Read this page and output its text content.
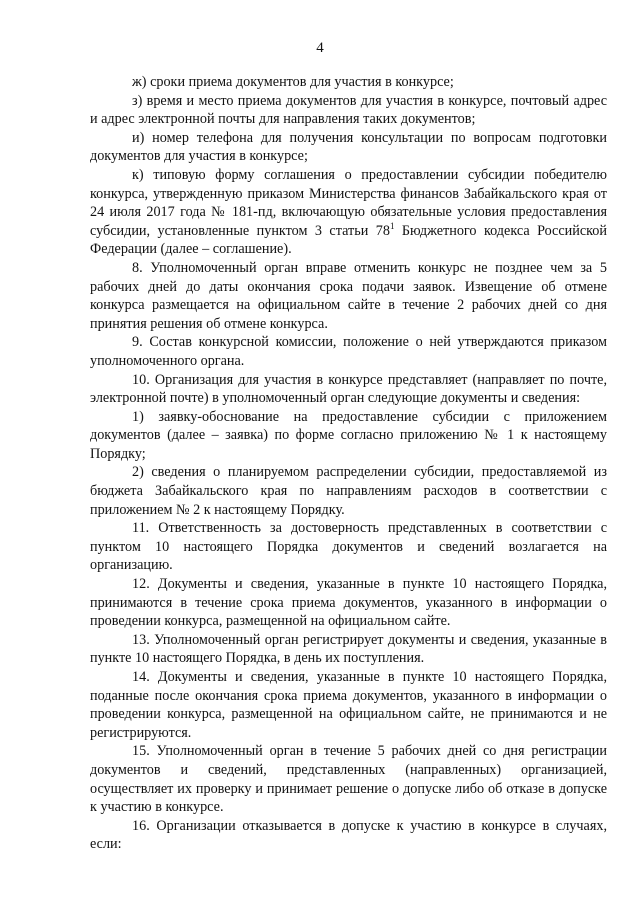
4

ж) сроки приема документов для участия в конкурсе;

з) время и место приема документов для участия в конкурсе, почтовый адрес и адрес электронной почты для направления таких документов;

и) номер телефона для получения консультации по вопросам подготовки документов для участия в конкурсе;

к) типовую форму соглашения о предоставлении субсидии победителю конкурса, утвержденную приказом Министерства финансов Забайкальского края от 24 июля 2017 года № 181-пд, включающую обязательные условия предоставления субсидии, установленные пунктом 3 статьи $78^1$ Бюджетного кодекса Российской Федерации (далее – соглашение).

8. Уполномоченный орган вправе отменить конкурс не позднее чем за 5 рабочих дней до даты окончания срока подачи заявок. Извещение об отмене конкурса размещается на официальном сайте в течение 2 рабочих дней со дня принятия решения об отмене конкурса.

9. Состав конкурсной комиссии, положение о ней утверждаются приказом уполномоченного органа.

10. Организация для участия в конкурсе представляет (направляет по почте, электронной почте) в уполномоченный орган следующие документы и сведения:

1) заявку-обоснование на предоставление субсидии с приложением документов (далее – заявка) по форме согласно приложению № 1 к настоящему Порядку;

2) сведения о планируемом распределении субсидии, предоставляемой из бюджета Забайкальского края по направлениям расходов в соответствии с приложением № 2 к настоящему Порядку.

11. Ответственность за достоверность представленных в соответствии с пунктом 10 настоящего Порядка документов и сведений возлагается на организацию.

12. Документы и сведения, указанные в пункте 10 настоящего Порядка, принимаются в течение срока приема документов, указанного в информации о проведении конкурса, размещенной на официальном сайте.

13. Уполномоченный орган регистрирует документы и сведения, указанные в пункте 10 настоящего Порядка, в день их поступления.

14. Документы и сведения, указанные в пункте 10 настоящего Порядка, поданные после окончания срока приема документов, указанного в информации о проведении конкурса, размещенной на официальном сайте, не принимаются и не регистрируются.

15. Уполномоченный орган в течение 5 рабочих дней со дня регистрации документов и сведений, представленных (направленных) организацией, осуществляет их проверку и принимает решение о допуске либо об отказе в допуске к участию в конкурсе.

16. Организации отказывается в допуске к участию в конкурсе в случаях, если:
